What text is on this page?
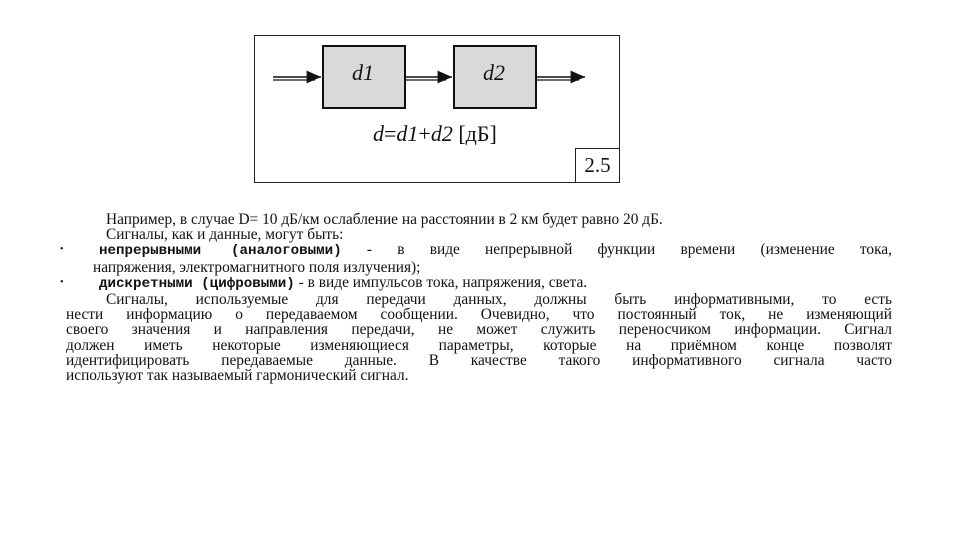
d1	d2
d=d1+d2 [дБ]
2.5

Например, в случае D= 10 дБ/км ослабление на расстоянии в 2 км будет равно 20 дБ.

Сигналы, как и данные, могут быть:

• непрерывными (аналоговыми) - в виде непрерывной функции времени (изменение тока,

напряжения, электромагнитного поля излучения);

• дискретными (цифровыми) - в виде импульсов тока, напряжения, света.

Сигналы, используемые для передачи данных, должны быть информативными, то есть

нести информацию о передаваемом сообщении. Очевидно, что постоянный ток, не изменяющий

своего значения и направления передачи, не может служить переносчиком информации. Сигнал

должен иметь некоторые изменяющиеся параметры, которые на приёмном конце позволят

идентифицировать передаваемые данные. В качестве такого информативного сигнала часто

используют так называемый гармонический сигнал.
